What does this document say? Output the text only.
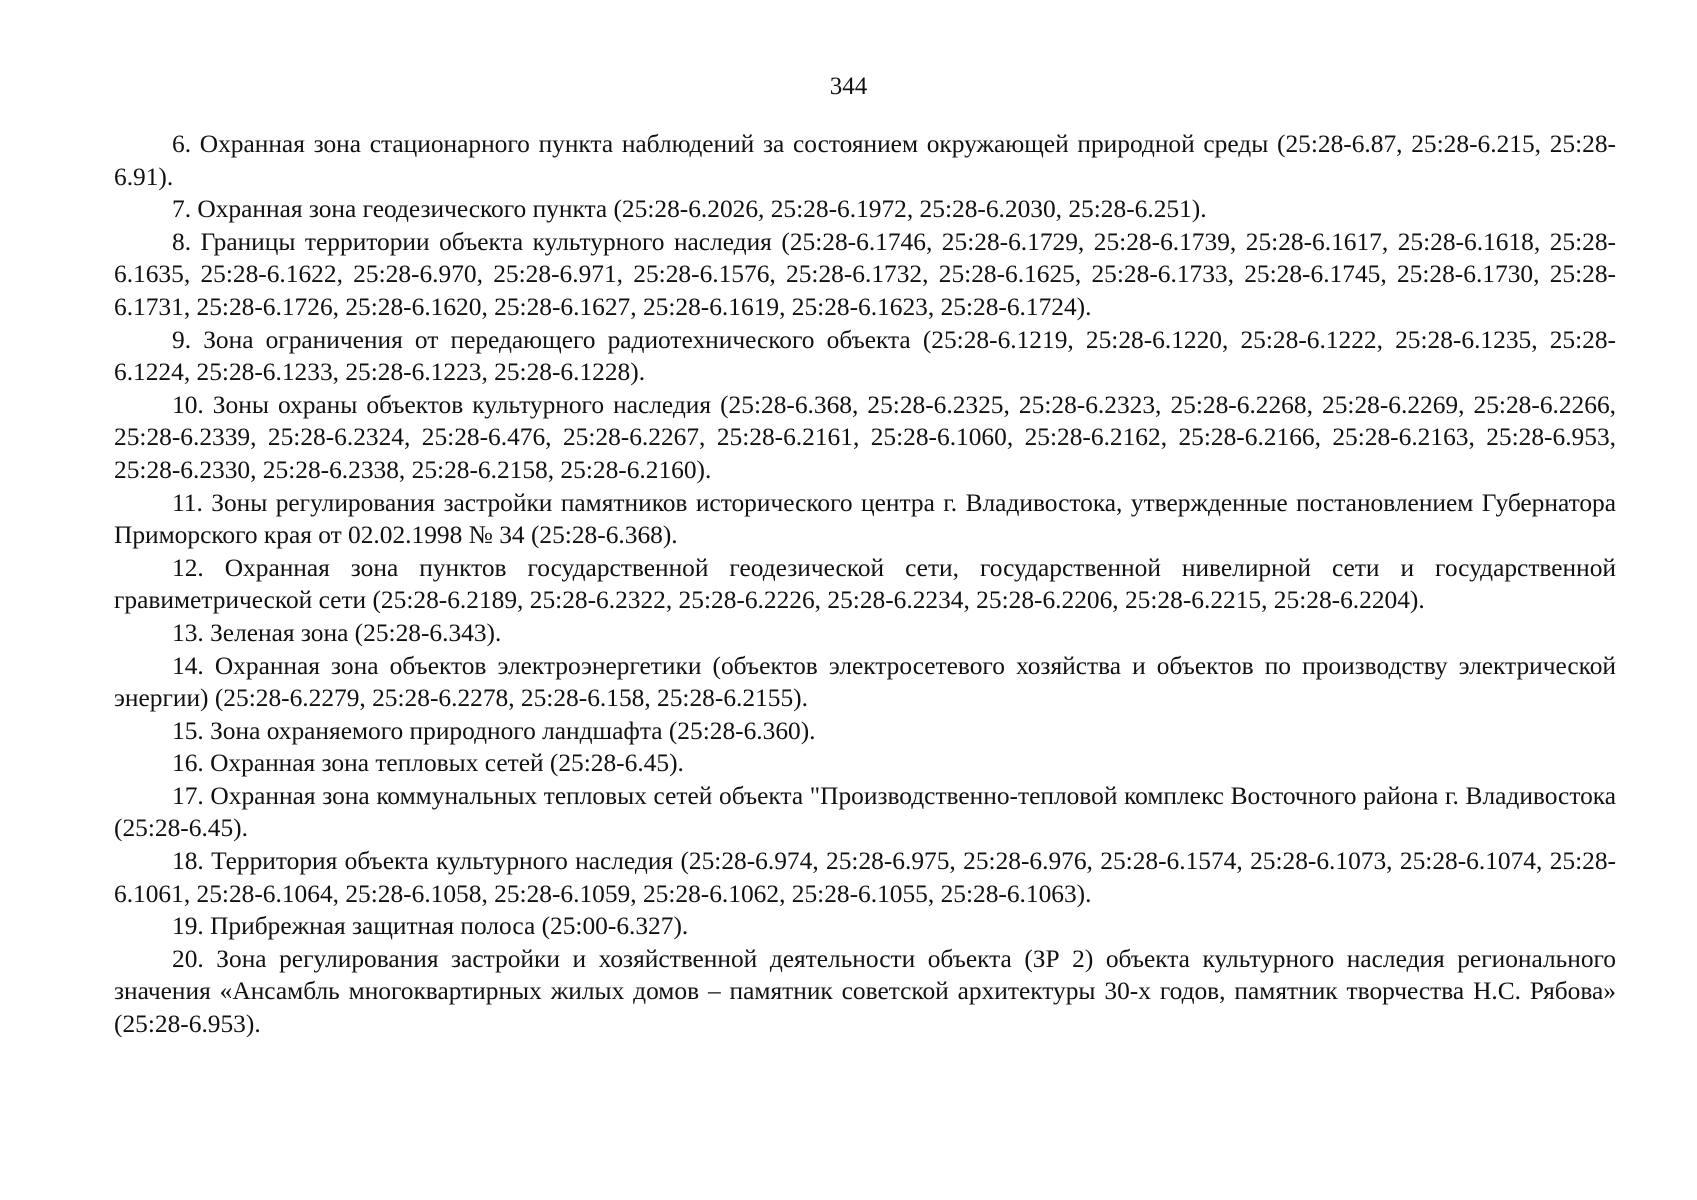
344

6. Охранная зона стационарного пункта наблюдений за состоянием окружающей природной среды (25:28-6.87, 25:28-6.215, 25:28-6.91).

7. Охранная зона геодезического пункта (25:28-6.2026, 25:28-6.1972, 25:28-6.2030, 25:28-6.251).

8. Границы территории объекта культурного наследия (25:28-6.1746, 25:28-6.1729, 25:28-6.1739, 25:28-6.1617, 25:28-6.1618, 25:28-6.1635, 25:28-6.1622, 25:28-6.970, 25:28-6.971, 25:28-6.1576, 25:28-6.1732, 25:28-6.1625, 25:28-6.1733, 25:28-6.1745, 25:28-6.1730, 25:28-6.1731, 25:28-6.1726, 25:28-6.1620, 25:28-6.1627, 25:28-6.1619, 25:28-6.1623, 25:28-6.1724).

9. Зона ограничения от передающего радиотехнического объекта (25:28-6.1219, 25:28-6.1220, 25:28-6.1222, 25:28-6.1235, 25:28-6.1224, 25:28-6.1233, 25:28-6.1223, 25:28-6.1228).

10. Зоны охраны объектов культурного наследия (25:28-6.368, 25:28-6.2325, 25:28-6.2323, 25:28-6.2268, 25:28-6.2269, 25:28-6.2266, 25:28-6.2339, 25:28-6.2324, 25:28-6.476, 25:28-6.2267, 25:28-6.2161, 25:28-6.1060, 25:28-6.2162, 25:28-6.2166, 25:28-6.2163, 25:28-6.953, 25:28-6.2330, 25:28-6.2338, 25:28-6.2158, 25:28-6.2160).

11. Зоны регулирования застройки памятников исторического центра г. Владивостока, утвержденные постановлением Губернатора Приморского края от 02.02.1998 № 34 (25:28-6.368).

12. Охранная зона пунктов государственной геодезической сети, государственной нивелирной сети и государственной гравиметрической сети (25:28-6.2189, 25:28-6.2322, 25:28-6.2226, 25:28-6.2234, 25:28-6.2206, 25:28-6.2215, 25:28-6.2204).

13. Зеленая зона (25:28-6.343).

14. Охранная зона объектов электроэнергетики (объектов электросетевого хозяйства и объектов по производству электрической энергии) (25:28-6.2279, 25:28-6.2278, 25:28-6.158, 25:28-6.2155).

15. Зона охраняемого природного ландшафта (25:28-6.360).

16. Охранная зона тепловых сетей (25:28-6.45).

17. Охранная зона коммунальных тепловых сетей объекта "Производственно-тепловой комплекс Восточного района г. Владивостока (25:28-6.45).

18. Территория объекта культурного наследия (25:28-6.974, 25:28-6.975, 25:28-6.976, 25:28-6.1574, 25:28-6.1073, 25:28-6.1074, 25:28-6.1061, 25:28-6.1064, 25:28-6.1058, 25:28-6.1059, 25:28-6.1062, 25:28-6.1055, 25:28-6.1063).

19. Прибрежная защитная полоса (25:00-6.327).

20. Зона регулирования застройки и хозяйственной деятельности объекта (ЗР 2) объекта культурного наследия регионального значения «Ансамбль многоквартирных жилых домов – памятник советской архитектуры 30-х годов, памятник творчества Н.С. Рябова» (25:28-6.953).
